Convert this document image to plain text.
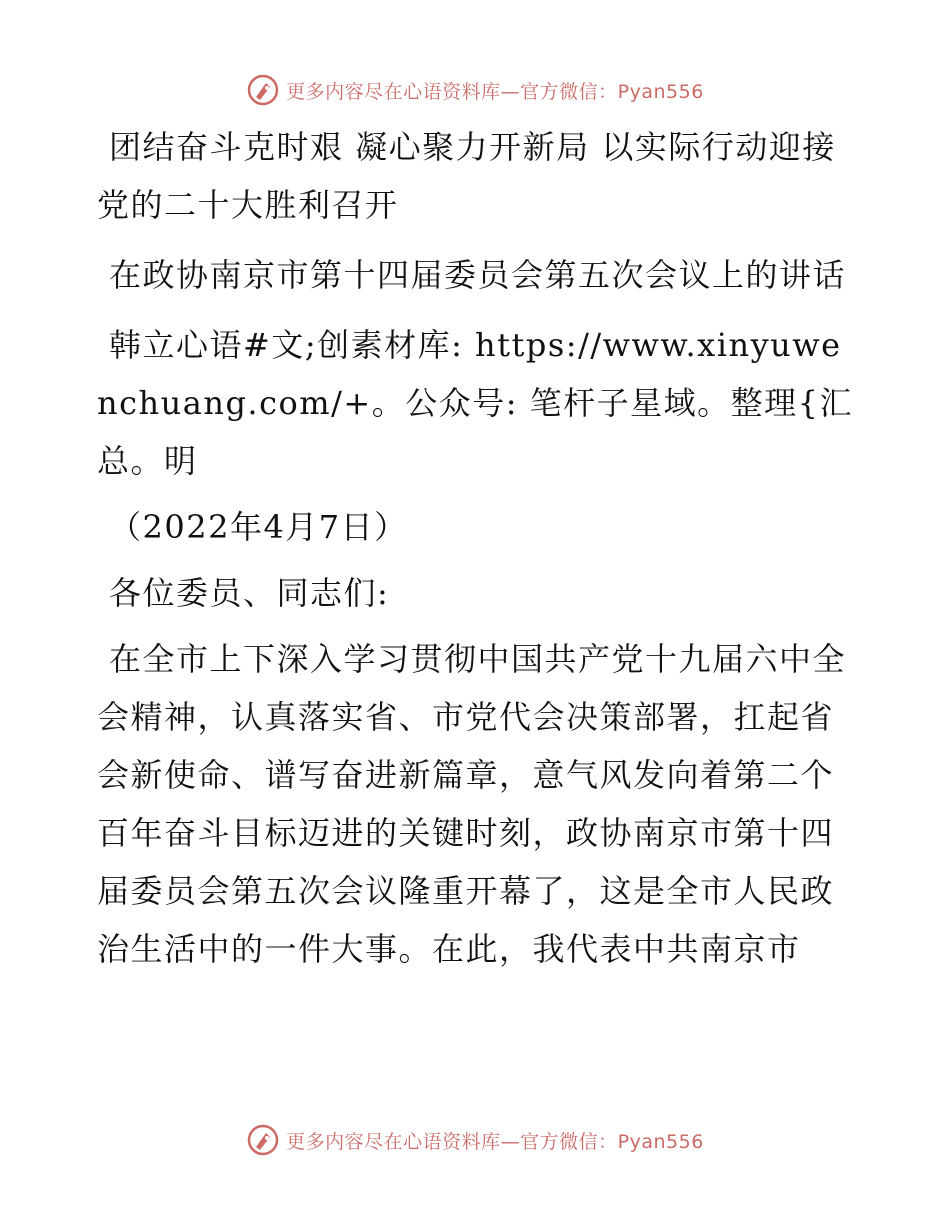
更多内容尽在心语资料库—官方微信：Pyan556

团结奋斗克时艰 凝心聚力开新局 以实际行动迎接党的二十大胜利召开

在政协南京市第十四届委员会第五次会议上的讲话

韩立心语#文;创素材库: https://www.xinyuwenchuang.com/+。公众号: 笔杆子星域。整理{汇总。明

（2022年4月7日）

各位委员、同志们:

在全市上下深入学习贯彻中国共产党十九届六中全会精神，认真落实省、市党代会决策部署，扛起省会新使命、谱写奋进新篇章，意气风发向着第二个百年奋斗目标迈进的关键时刻，政协南京市第十四届委员会第五次会议隆重开幕了，这是全市人民政治生活中的一件大事。在此，我代表中共南京市

更多内容尽在心语资料库—官方微信：Pyan556
